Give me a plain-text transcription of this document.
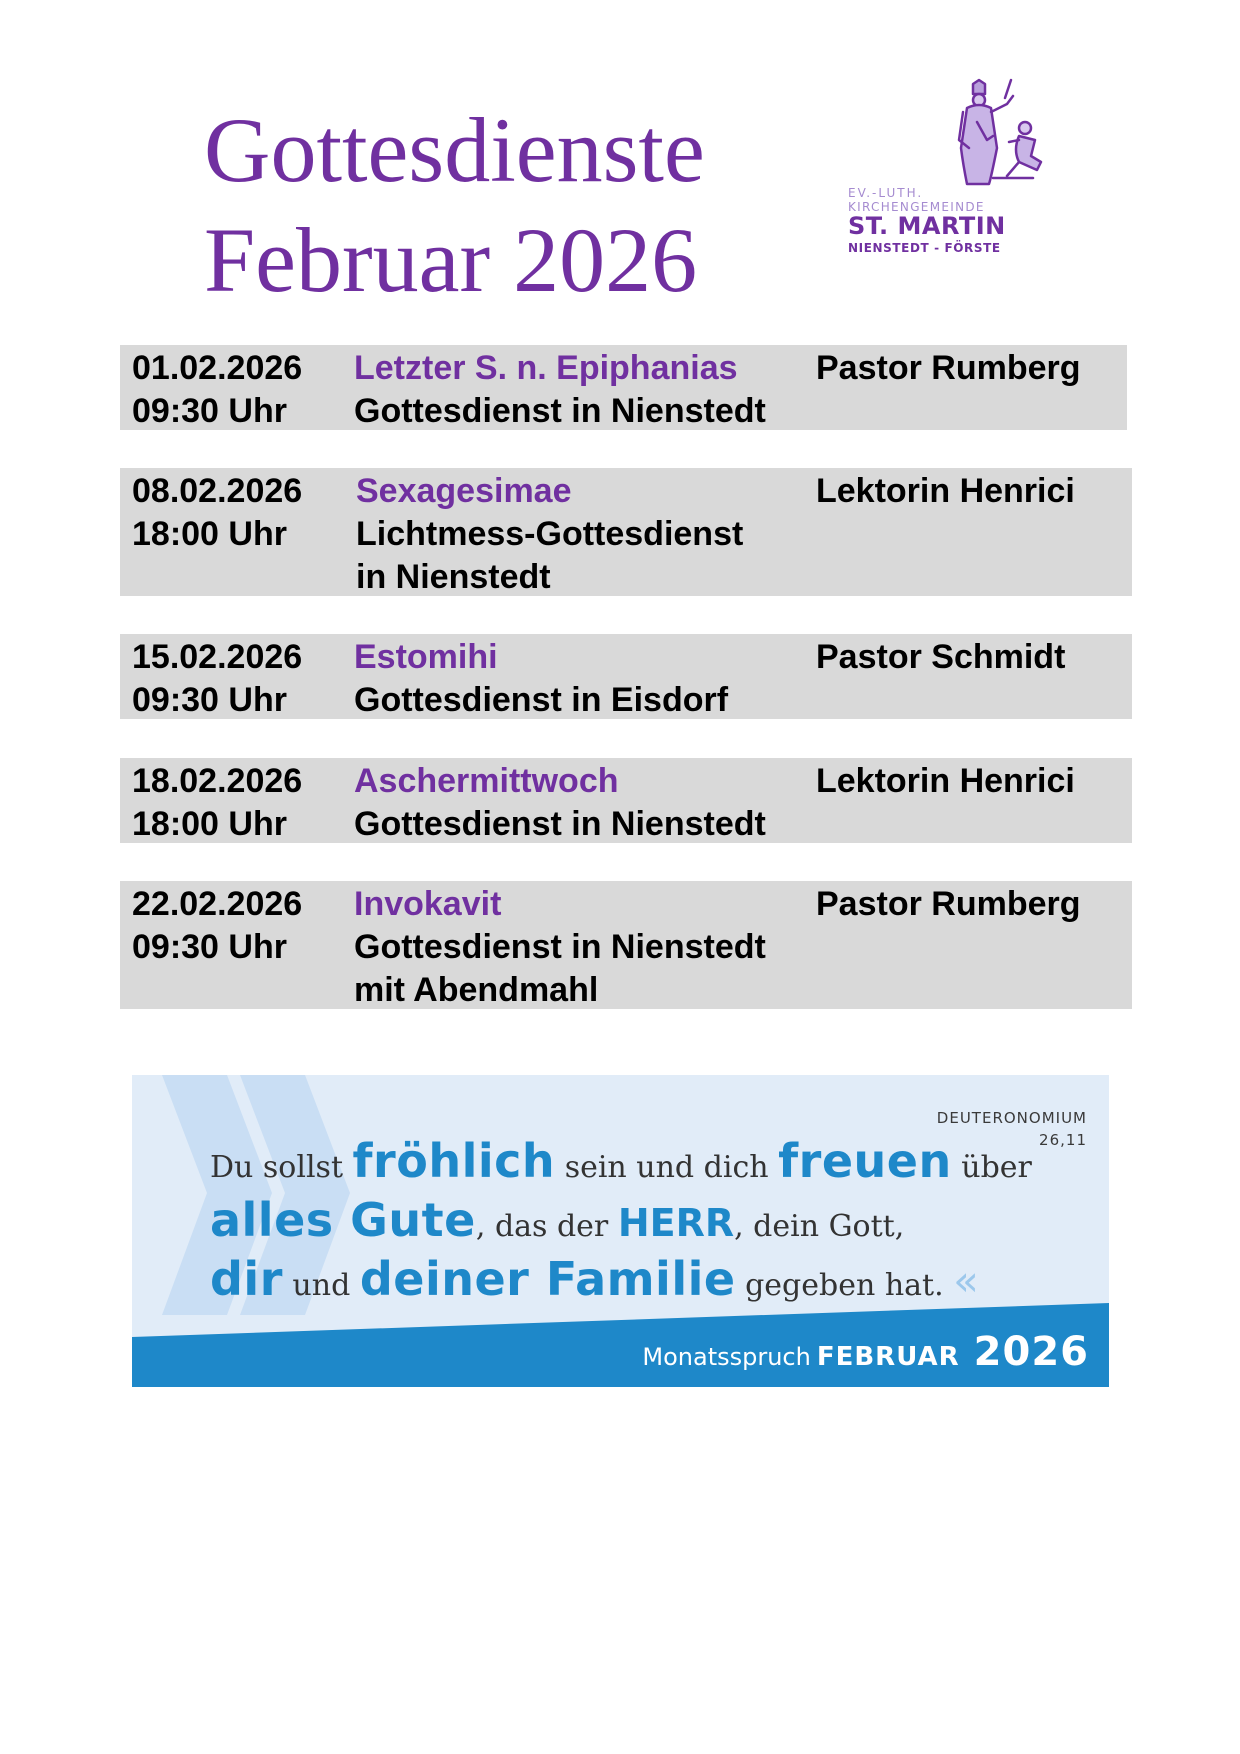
Gottesdienste
Februar 2026
EV.-LUTH.
KIRCHENGEMEINDE
ST. MARTIN
NIENSTEDT - FÖRSTE
01.02.2026
09:30 Uhr
Letzter S. n. Epiphanias
Gottesdienst in Nienstedt
Pastor Rumberg
08.02.2026
18:00 Uhr
Sexagesimae
Lichtmess-Gottesdienst
in Nienstedt
Lektorin Henrici
15.02.2026
09:30 Uhr
Estomihi
Gottesdienst in Eisdorf
Pastor Schmidt
18.02.2026
18:00 Uhr
Aschermittwoch
Gottesdienst in Nienstedt
Lektorin Henrici
22.02.2026
09:30 Uhr
Invokavit
Gottesdienst in Nienstedt
mit Abendmahl
Pastor Rumberg
DEUTERONOMIUM
26,11
Du sollst fröhlich sein und dich freuen über
alles Gute, das der HERR, dein Gott,
dir und deiner Familie gegeben hat. «
Monatsspruch FEBRUAR 2026
